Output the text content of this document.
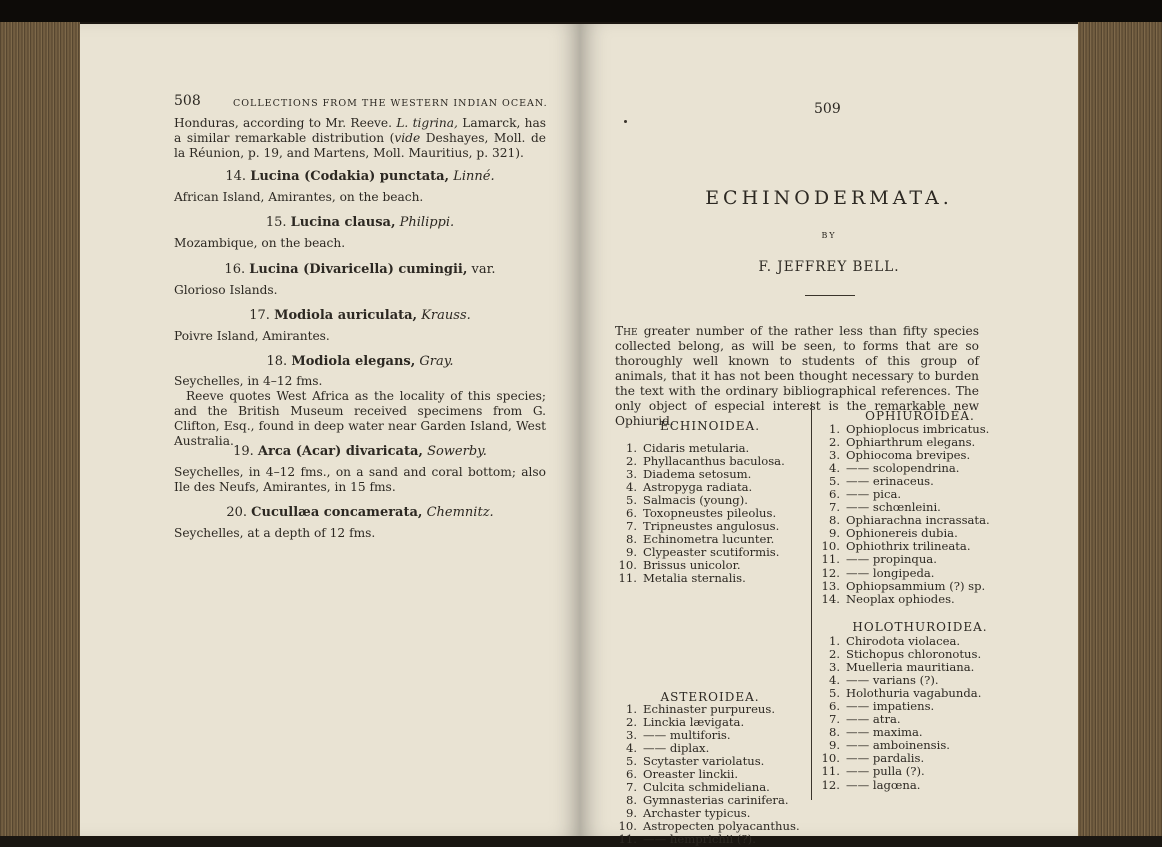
508	COLLECTIONS FROM THE WESTERN INDIAN OCEAN.

Honduras, according to Mr. Reeve. L. tigrina, Lamarck, has a similar remarkable distribution (vide Deshayes, Moll. de la Réunion, p. 19, and Martens, Moll. Mauritius, p. 321).

14. Lucina (Codakia) punctata, Linné.

African Island, Amirantes, on the beach.

15. Lucina clausa, Philippi.

Mozambique, on the beach.

16. Lucina (Divaricella) cumingii, var.

Glorioso Islands.

17. Modiola auriculata, Krauss.

Poivre Island, Amirantes.

18. Modiola elegans, Gray.

Seychelles, in 4–12 fms.

Reeve quotes West Africa as the locality of this species; and the British Museum received specimens from G. Clifton, Esq., found in deep water near Garden Island, West Australia.

19. Arca (Acar) divaricata, Sowerby.

Seychelles, in 4–12 fms., on a sand and coral bottom; also Ile des Neufs, Amirantes, in 15 fms.

20. Cucullæa concamerata, Chemnitz.

Seychelles, at a depth of 12 fms.

509
ECHINODERMATA.
BY
F. JEFFREY BELL.

The greater number of the rather less than fifty species collected belong, as will be seen, to forms that are so thoroughly well known to students of this group of animals, that it has not been thought necessary to burden the text with the ordinary bibliographical references. The only object of especial interest is the remarkable new Ophiurid.

ECHINOIDEA.
1. Cidaris metularia.
2. Phyllacanthus baculosa.
3. Diadema setosum.
4. Astropyga radiata.
5. Salmacis (young).
6. Toxopneustes pileolus.
7. Tripneustes angulosus.
8. Echinometra lucunter.
9. Clypeaster scutiformis.
10. Brissus unicolor.
11. Metalia sternalis.
ASTEROIDEA.
1. Echinaster purpureus.
2. Linckia lævigata.
3. —— multiforis.
4. —— diplax.
5. Scytaster variolatus.
6. Oreaster linckii.
7. Culcita schmideliana.
8. Gymnasterias carinifera.
9. Archaster typicus.
10. Astropecten polyacanthus.
11. —— hemprichii (?).
OPHIUROIDEA.
1. Ophioplocus imbricatus.
2. Ophiarthrum elegans.
3. Ophiocoma brevipes.
4. —— scolopendrina.
5. —— erinaceus.
6. —— pica.
7. —— schœnleini.
8. Ophiarachna incrassata.
9. Ophionereis dubia.
10. Ophiothrix trilineata.
11. —— propinqua.
12. —— longipeda.
13. Ophiopsammium (?) sp.
14. Neoplax ophiodes.
HOLOTHUROIDEA.
1. Chirodota violacea.
2. Stichopus chloronotus.
3. Muelleria mauritiana.
4. —— varians (?).
5. Holothuria vagabunda.
6. —— impatiens.
7. —— atra.
8. —— maxima.
9. —— amboinensis.
10. —— pardalis.
11. —— pulla (?).
12. —— lagœna.
